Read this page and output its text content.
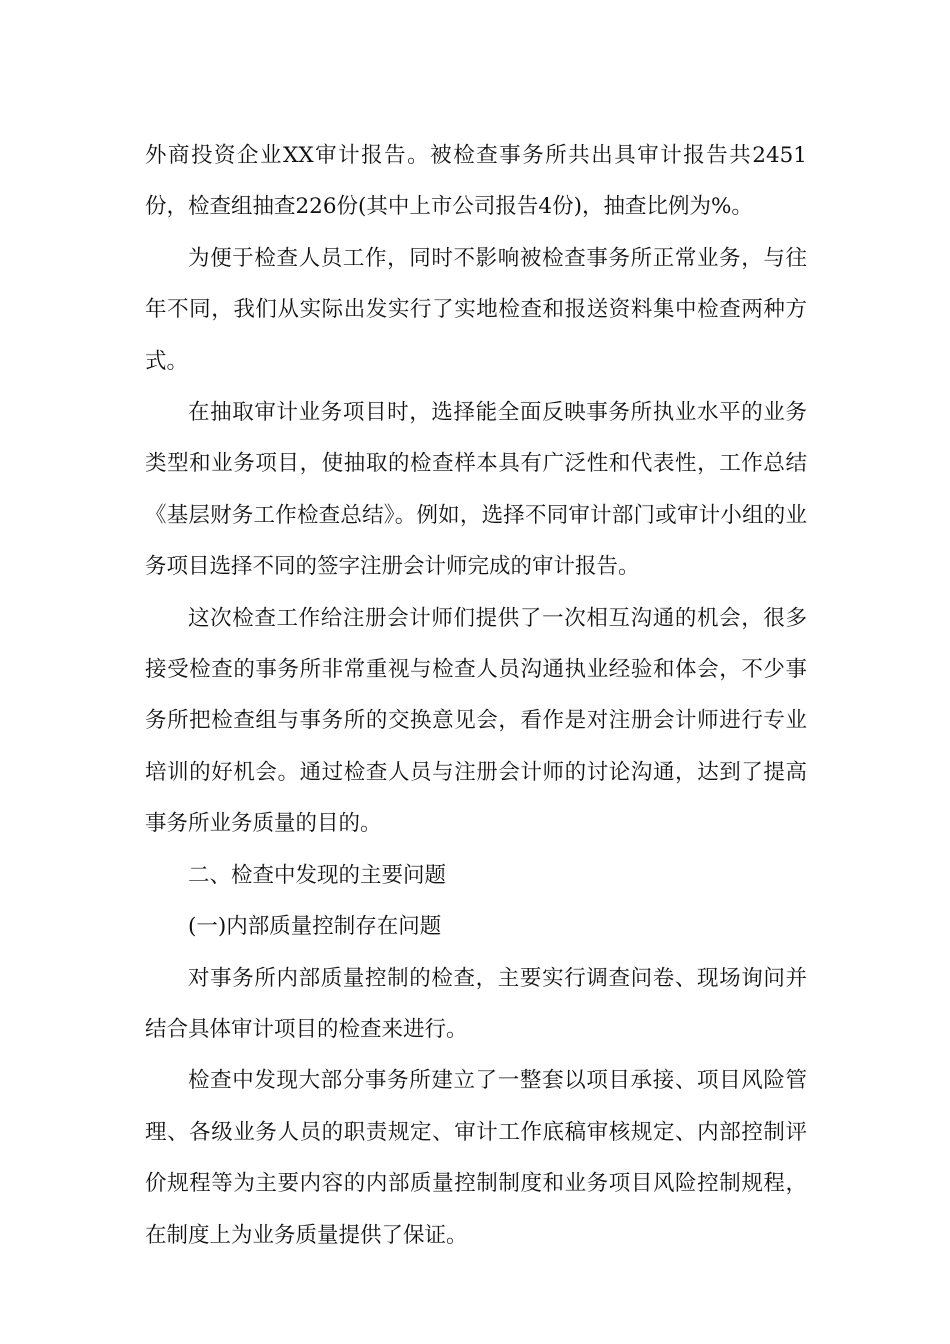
外商投资企业XX审计报告。被检查事务所共出具审计报告共2451份，检查组抽查226份(其中上市公司报告4份)，抽查比例为%。

为便于检查人员工作，同时不影响被检查事务所正常业务，与往年不同，我们从实际出发实行了实地检查和报送资料集中检查两种方式。

在抽取审计业务项目时，选择能全面反映事务所执业水平的业务类型和业务项目，使抽取的检查样本具有广泛性和代表性，工作总结《基层财务工作检查总结》。例如，选择不同审计部门或审计小组的业务项目选择不同的签字注册会计师完成的审计报告。

这次检查工作给注册会计师们提供了一次相互沟通的机会，很多接受检查的事务所非常重视与检查人员沟通执业经验和体会，不少事务所把检查组与事务所的交换意见会，看作是对注册会计师进行专业培训的好机会。通过检查人员与注册会计师的讨论沟通，达到了提高事务所业务质量的目的。

二、检查中发现的主要问题

(一)内部质量控制存在问题

对事务所内部质量控制的检查，主要实行调查问卷、现场询问并结合具体审计项目的检查来进行。

检查中发现大部分事务所建立了一整套以项目承接、项目风险管理、各级业务人员的职责规定、审计工作底稿审核规定、内部控制评价规程等为主要内容的内部质量控制制度和业务项目风险控制规程，在制度上为业务质量提供了保证。
